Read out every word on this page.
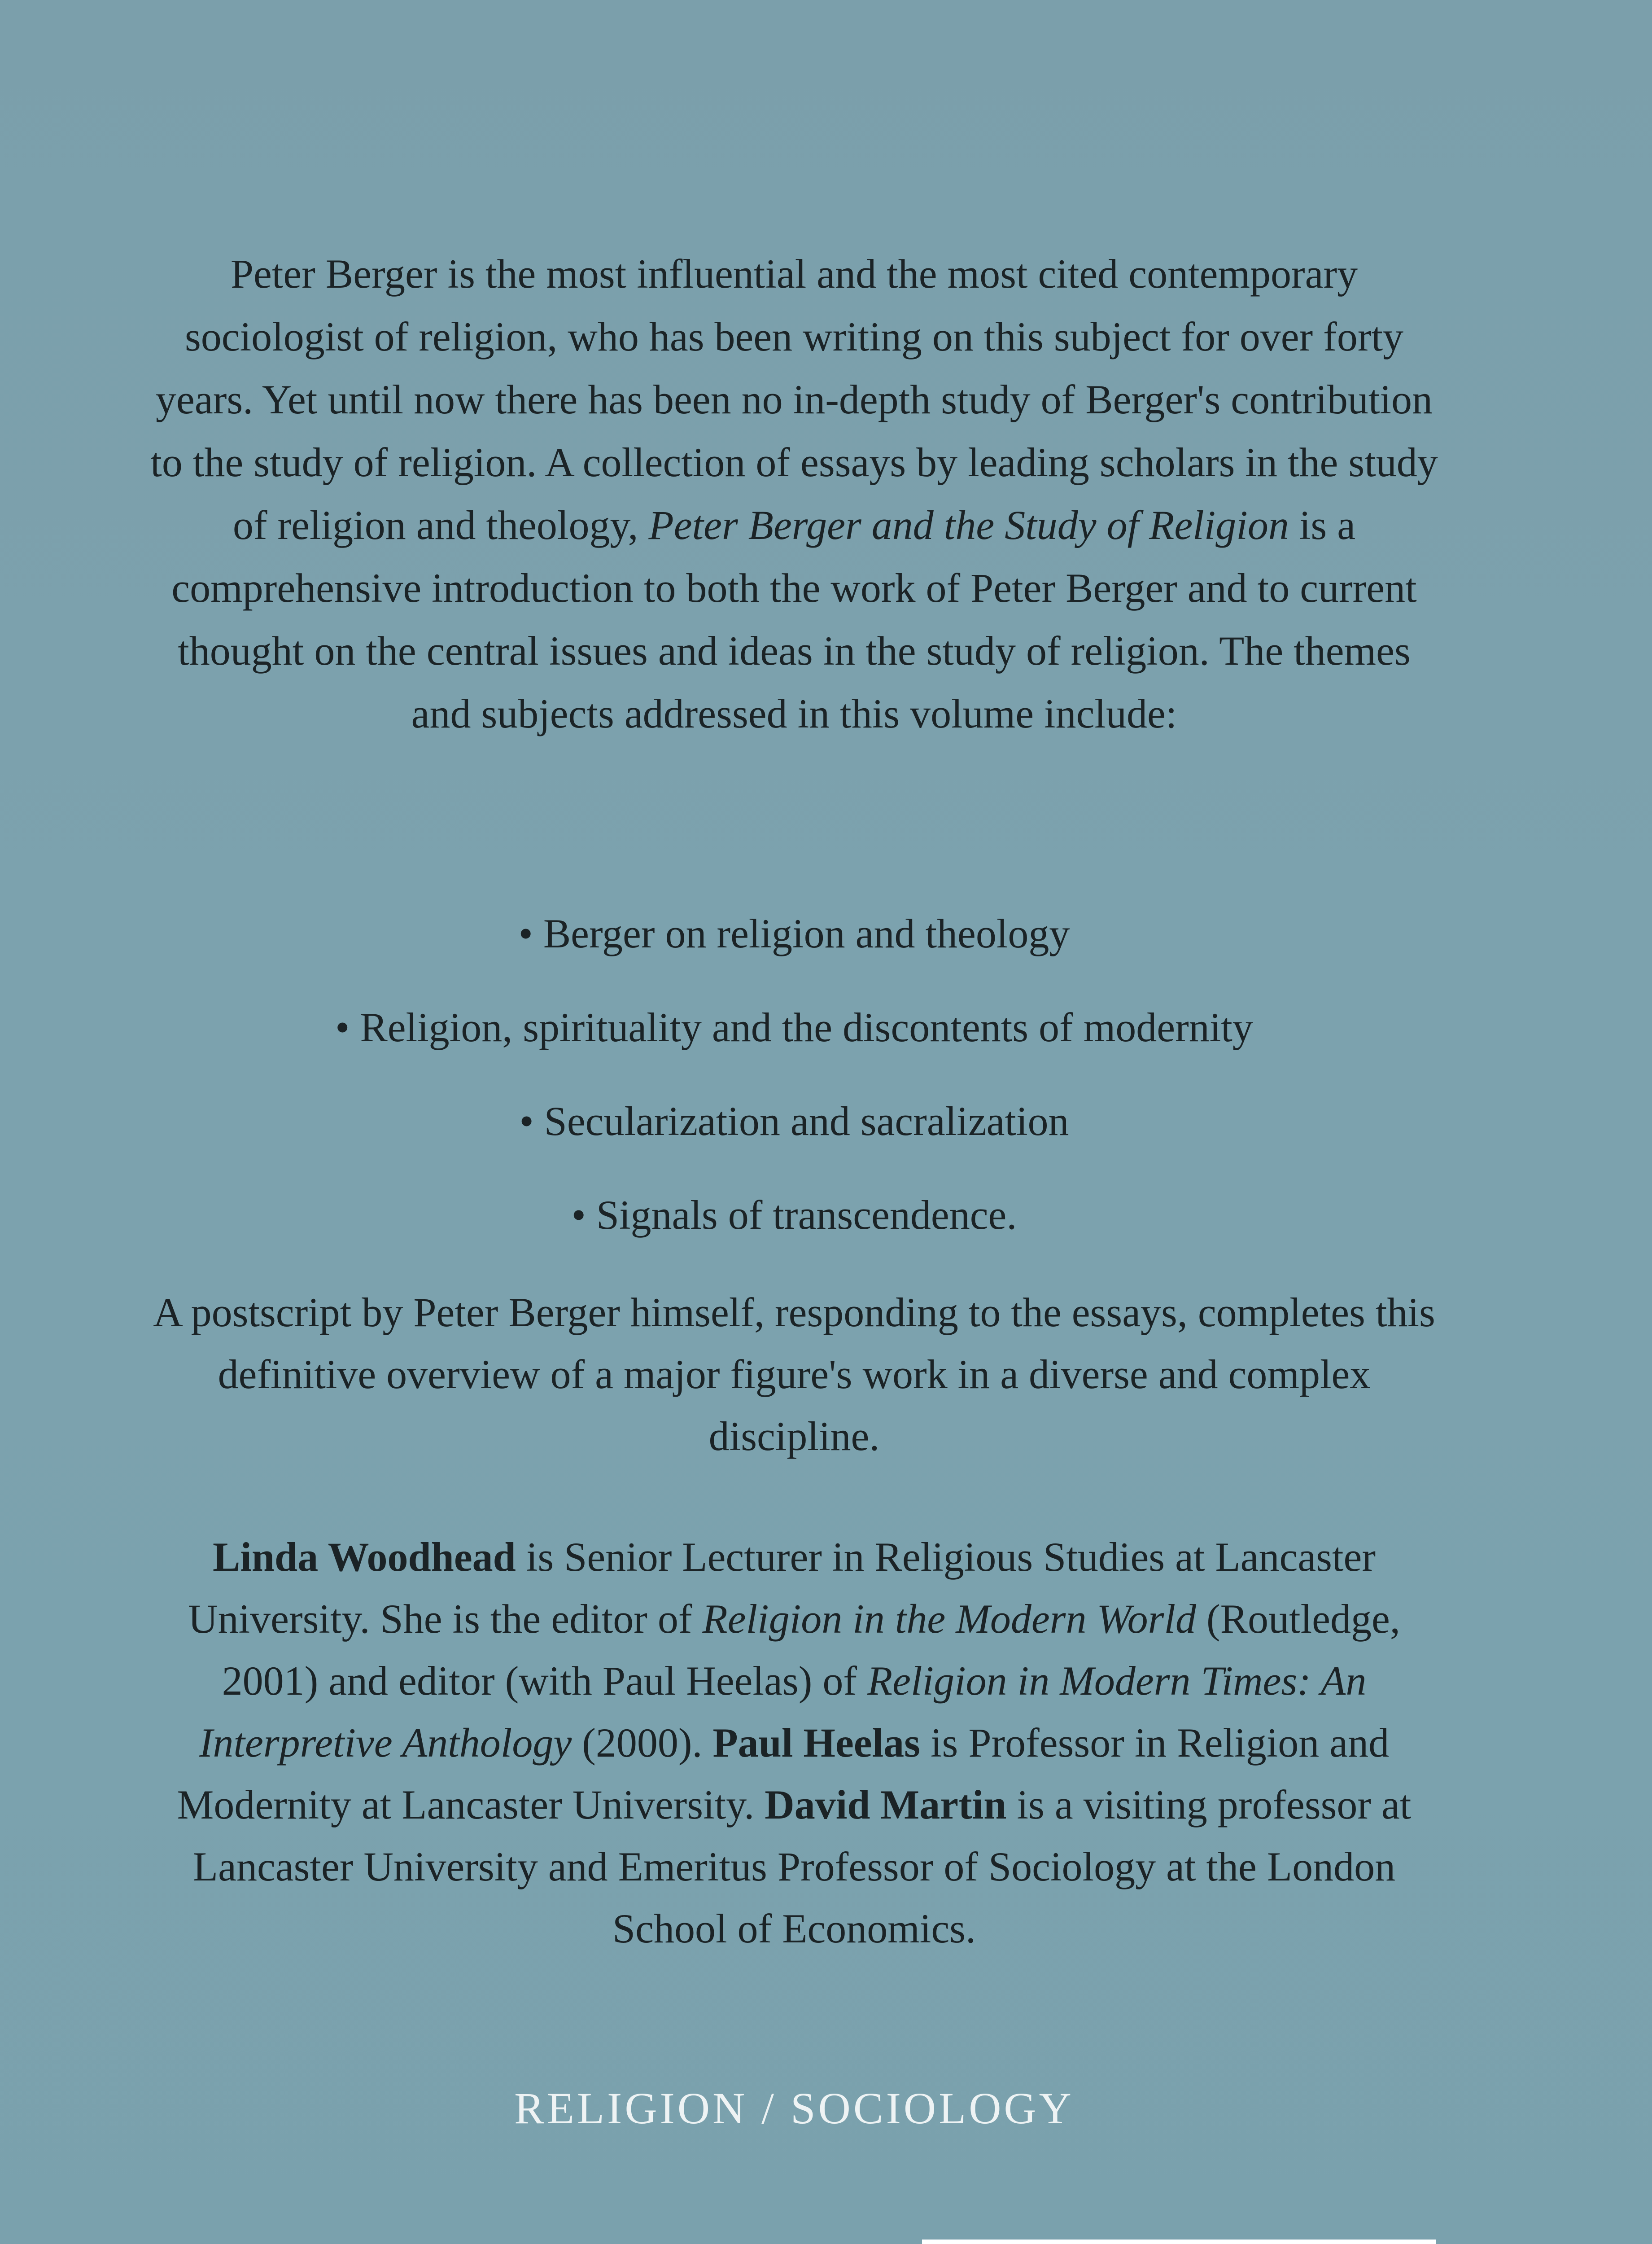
Peter Berger is the most influential and the most cited contemporary sociologist of religion, who has been writing on this subject for over forty years. Yet until now there has been no in-depth study of Berger's contribution to the study of religion. A collection of essays by leading scholars in the study of religion and theology, Peter Berger and the Study of Religion is a comprehensive introduction to both the work of Peter Berger and to current thought on the central issues and ideas in the study of religion. The themes and subjects addressed in this volume include:

• Berger on religion and theology
• Religion, spirituality and the discontents of modernity
• Secularization and sacralization
• Signals of transcendence.

A postscript by Peter Berger himself, responding to the essays, completes this definitive overview of a major figure's work in a diverse and complex discipline.

Linda Woodhead is Senior Lecturer in Religious Studies at Lancaster University. She is the editor of Religion in the Modern World (Routledge, 2001) and editor (with Paul Heelas) of Religion in Modern Times: An Interpretive Anthology (2000). Paul Heelas is Professor in Religion and Modernity at Lancaster University. David Martin is a visiting professor at Lancaster University and Emeritus Professor of Sociology at the London School of Economics.

RELIGION / SOCIOLOGY
